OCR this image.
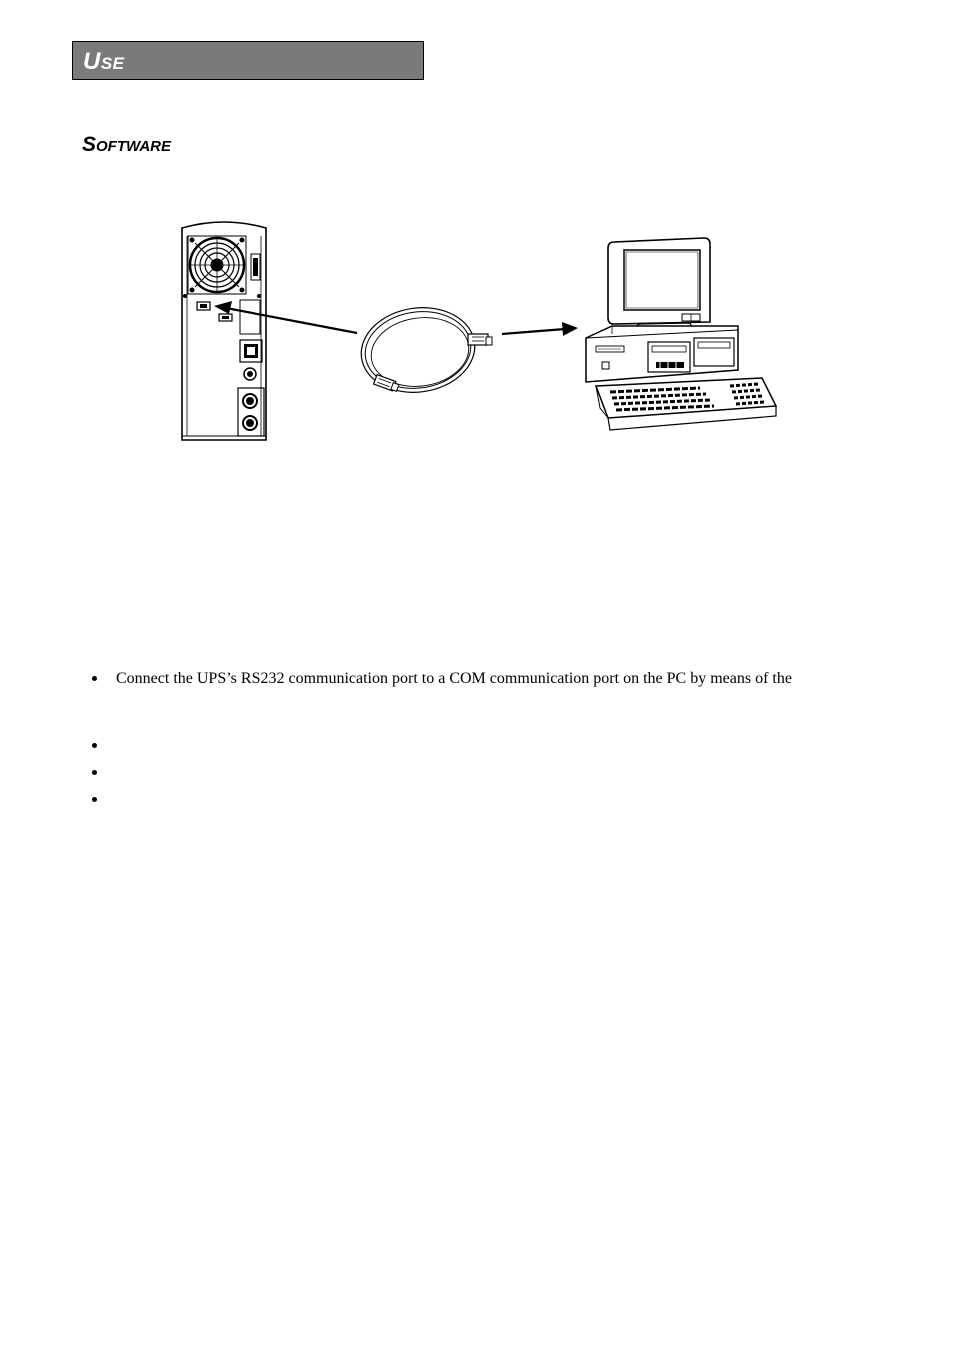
Use
Software
Connect the UPS’s RS232 communication port to a COM communication port on the PC by means of the
